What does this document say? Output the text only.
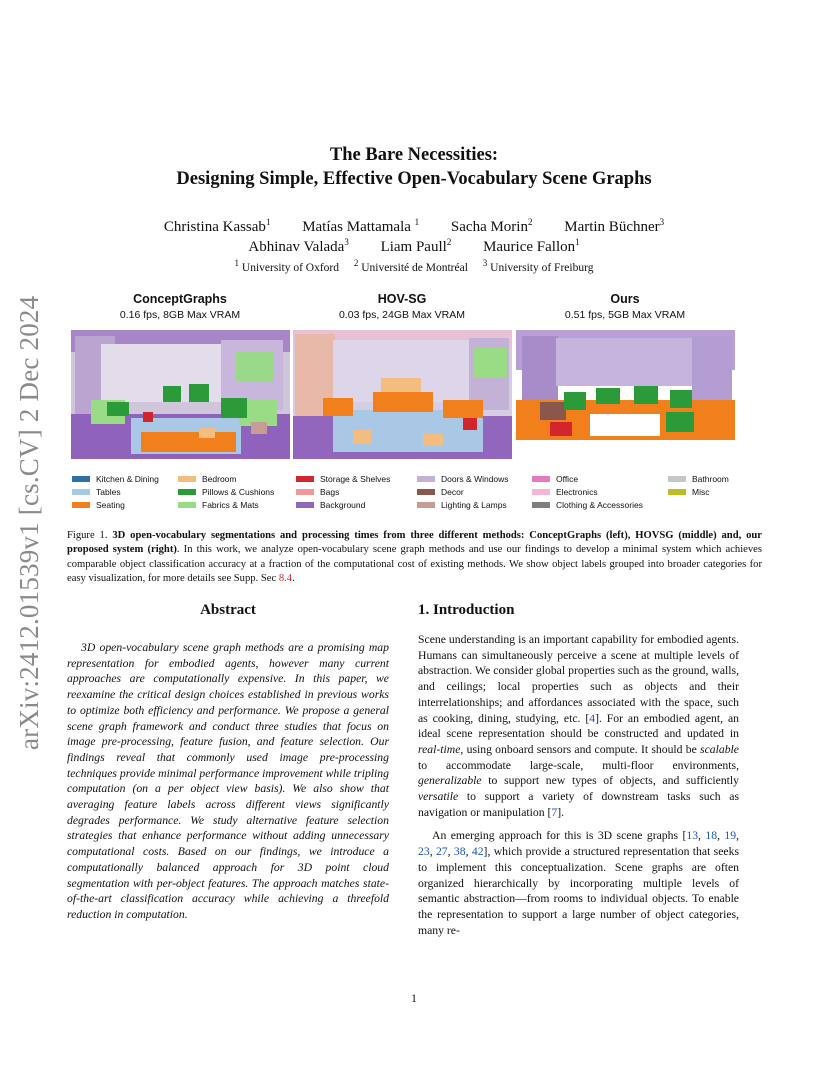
arXiv:2412.01539v1 [cs.CV] 2 Dec 2024
The Bare Necessities:
Designing Simple, Effective Open-Vocabulary Scene Graphs
Christina Kassab$^1$ Matías Mattamala $^1$ Sacha Morin$^2$ Martin Büchner$^3$
Abhinav Valada$^3$ Liam Paull$^2$ Maurice Fallon$^1$
$^1$ University of Oxford $^2$ Université de Montréal $^3$ University of Freiburg
ConceptGraphs
0.16 fps, 8GB Max VRAM
HOV-SG
0.03 fps, 24GB Max VRAM
Ours
0.51 fps, 5GB Max VRAM
Kitchen & Dining
Tables
Seating
Bedroom
Pillows & Cushions
Fabrics & Mats
Storage & Shelves
Bags
Background
Doors & Windows
Decor
Lighting & Lamps
Office
Electronics
Clothing & Accessories
Bathroom
Misc
Figure 1. 3D open-vocabulary segmentations and processing times from three different methods: ConceptGraphs (left), HOVSG (middle) and, our proposed system (right). In this work, we analyze open-vocabulary scene graph methods and use our findings to develop a minimal system which achieves comparable object classification accuracy at a fraction of the computational cost of existing methods. We show object labels grouped into broader categories for easy visualization, for more details see Supp. Sec 8.4.
Abstract
3D open-vocabulary scene graph methods are a promising map representation for embodied agents, however many current approaches are computationally expensive. In this paper, we reexamine the critical design choices established in previous works to optimize both efficiency and performance. We propose a general scene graph framework and conduct three studies that focus on image pre-processing, feature fusion, and feature selection. Our findings reveal that commonly used image pre-processing techniques provide minimal performance improvement while tripling computation (on a per object view basis). We also show that averaging feature labels across different views significantly degrades performance. We study alternative feature selection strategies that enhance performance without adding unnecessary computational costs. Based on our findings, we introduce a computationally balanced approach for 3D point cloud segmentation with per-object features. The approach matches state-of-the-art classification accuracy while achieving a threefold reduction in computation.
1. Introduction

Scene understanding is an important capability for embodied agents. Humans can simultaneously perceive a scene at multiple levels of abstraction. We consider global properties such as the ground, walls, and ceilings; local properties such as objects and their interrelationships; and affordances associated with the space, such as cooking, dining, studying, etc. [4]. For an embodied agent, an ideal scene representation should be constructed and updated in real-time, using onboard sensors and compute. It should be scalable to accommodate large-scale, multi-floor environments, generalizable to support new types of objects, and sufficiently versatile to support a variety of downstream tasks such as navigation or manipulation [7].

An emerging approach for this is 3D scene graphs [13, 18, 19, 23, 27, 38, 42], which provide a structured representation that seeks to implement this conceptualization. Scene graphs are often organized hierarchically by incorporating multiple levels of semantic abstraction—from rooms to individual objects. To enable the representation to support a large number of object categories, many re-

1
